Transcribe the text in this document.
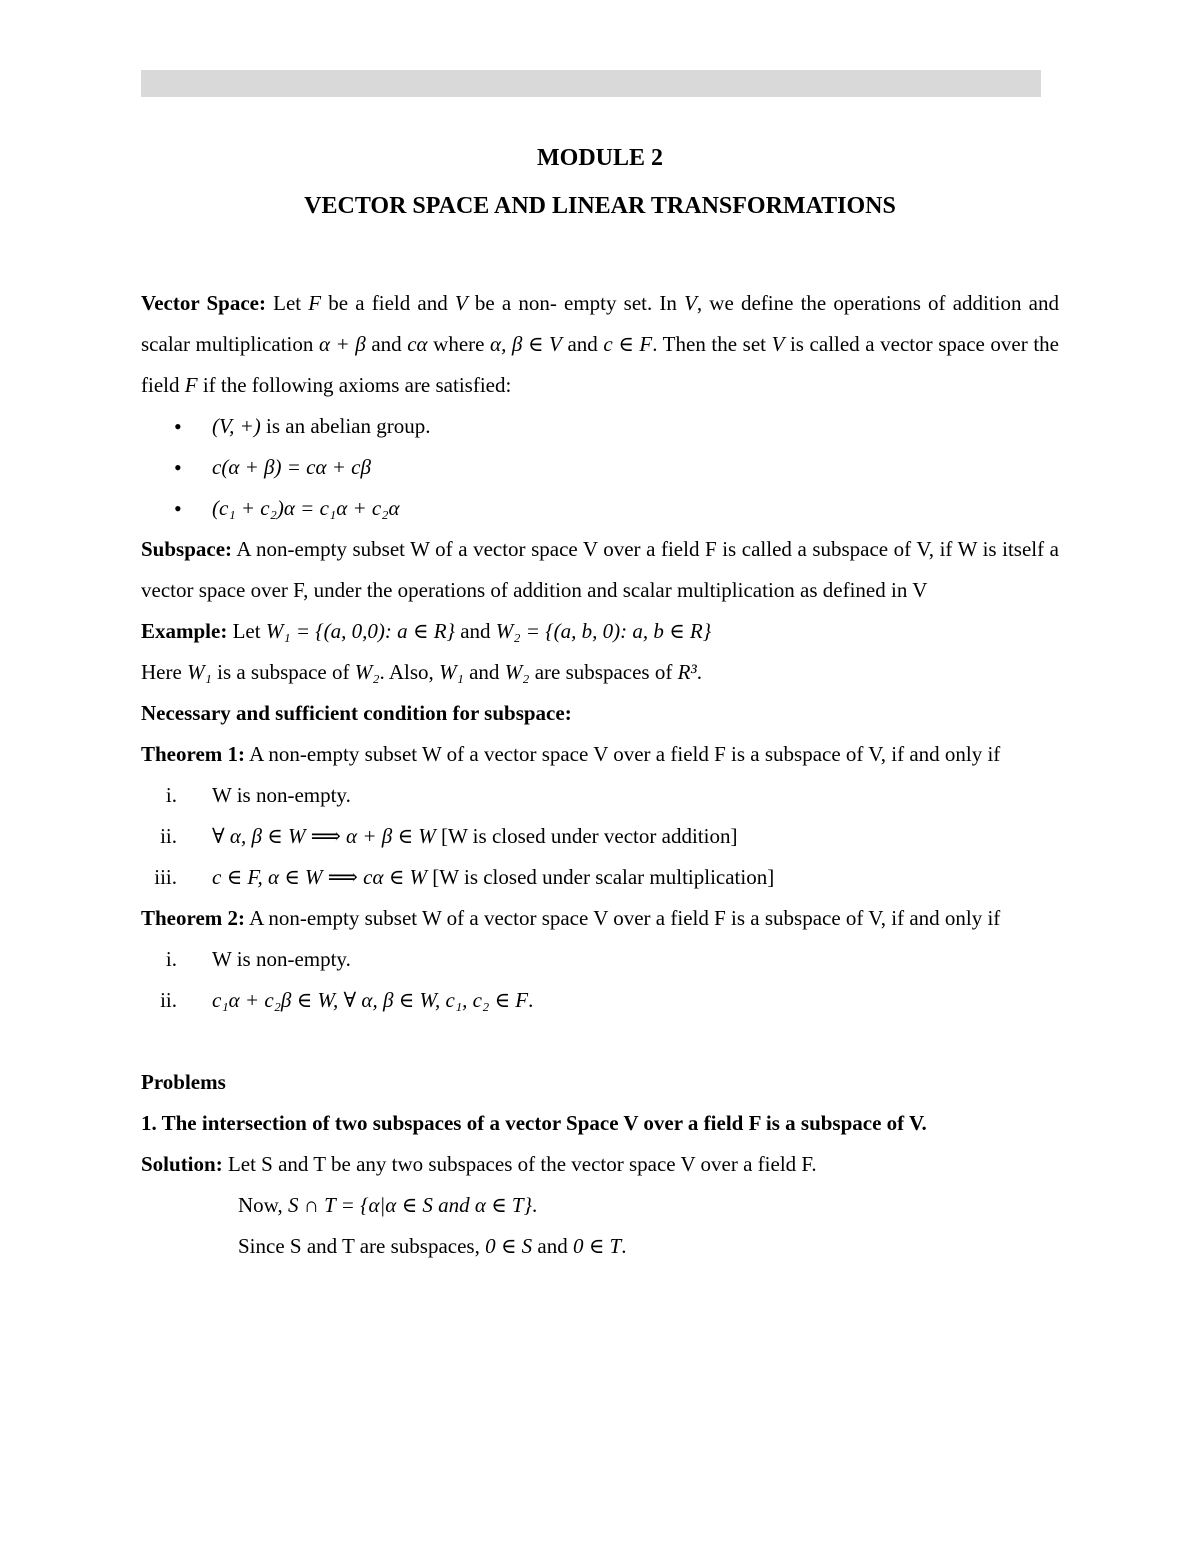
MODULE 2
VECTOR SPACE AND LINEAR TRANSFORMATIONS

Vector Space: Let F be a field and V be a non- empty set. In V, we define the operations of addition and scalar multiplication α + β and cα where α, β ∈ V and c ∈ F. Then the set V is called a vector space over the field F if the following axioms are satisfied:

• (V, +) is an abelian group.
• c(α + β) = cα + cβ
• (c₁ + c₂)α = c₁α + c₂α

Subspace: A non-empty subset W of a vector space V over a field F is called a subspace of V, if W is itself a vector space over F, under the operations of addition and scalar multiplication as defined in V

Example: Let W₁ = {(a, 0,0): a ∈ R} and W₂ = {(a, b, 0): a, b ∈ R}

Here W₁ is a subspace of W₂. Also, W₁ and W₂ are subspaces of R³.

Necessary and sufficient condition for subspace:

Theorem 1: A non-empty subset W of a vector space V over a field F is a subspace of V, if and only if

i. W is non-empty.
ii. ∀ α, β ∈ W ⟹ α + β ∈ W [W is closed under vector addition]
iii. c ∈ F, α ∈ W ⟹ cα ∈ W [W is closed under scalar multiplication]

Theorem 2: A non-empty subset W of a vector space V over a field F is a subspace of V, if and only if

i. W is non-empty.
ii. c₁α + c₂β ∈ W, ∀ α, β ∈ W, c₁, c₂ ∈ F.

Problems

1. The intersection of two subspaces of a vector Space V over a field F is a subspace of V.

Solution: Let S and T be any two subspaces of the vector space V over a field F.

Now, S ∩ T = {α|α ∈ S and α ∈ T}.

Since S and T are subspaces, 0 ∈ S and 0 ∈ T.
